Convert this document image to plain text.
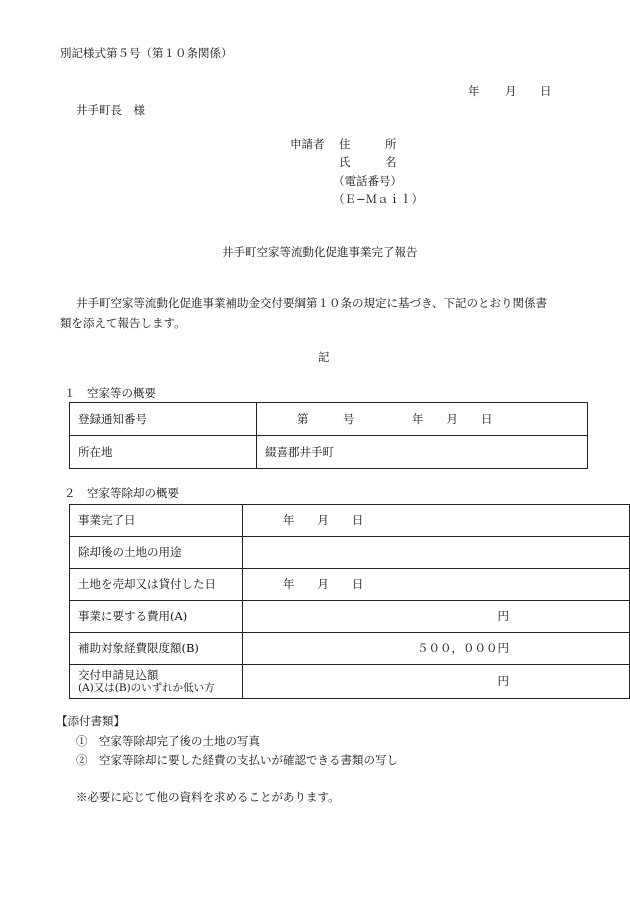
別記様式第５号（第１０条関係）
年 月 日
井手町長　様
申請者 住　　　所
氏　　　名
（電話番号）
（Ｅ−Ｍａｉｌ）
井手町空家等流動化促進事業完了報告
井手町空家等流動化促進事業補助金交付要綱第１０条の規定に基づき、下記のとおり関係書
類を添えて報告します。
記
１　空家等の概要
登録通知番号	第　　　号　　　　　年　　月　　日
所在地	綴喜郡井手町
２　空家等除却の概要
事業完了日	年　　月　　日
除却後の土地の用途	
土地を売却又は貸付した日	年　　月　　日
事業に要する費用(A)	円
補助対象経費限度額(B)	５００，０００円

交付申請見込額
(A)又は(B)のいずれか低い方	円
【添付書類】
①　空家等除却完了後の土地の写真
②　空家等除却に要した経費の支払いが確認できる書類の写し
※必要に応じて他の資料を求めることがあります。
